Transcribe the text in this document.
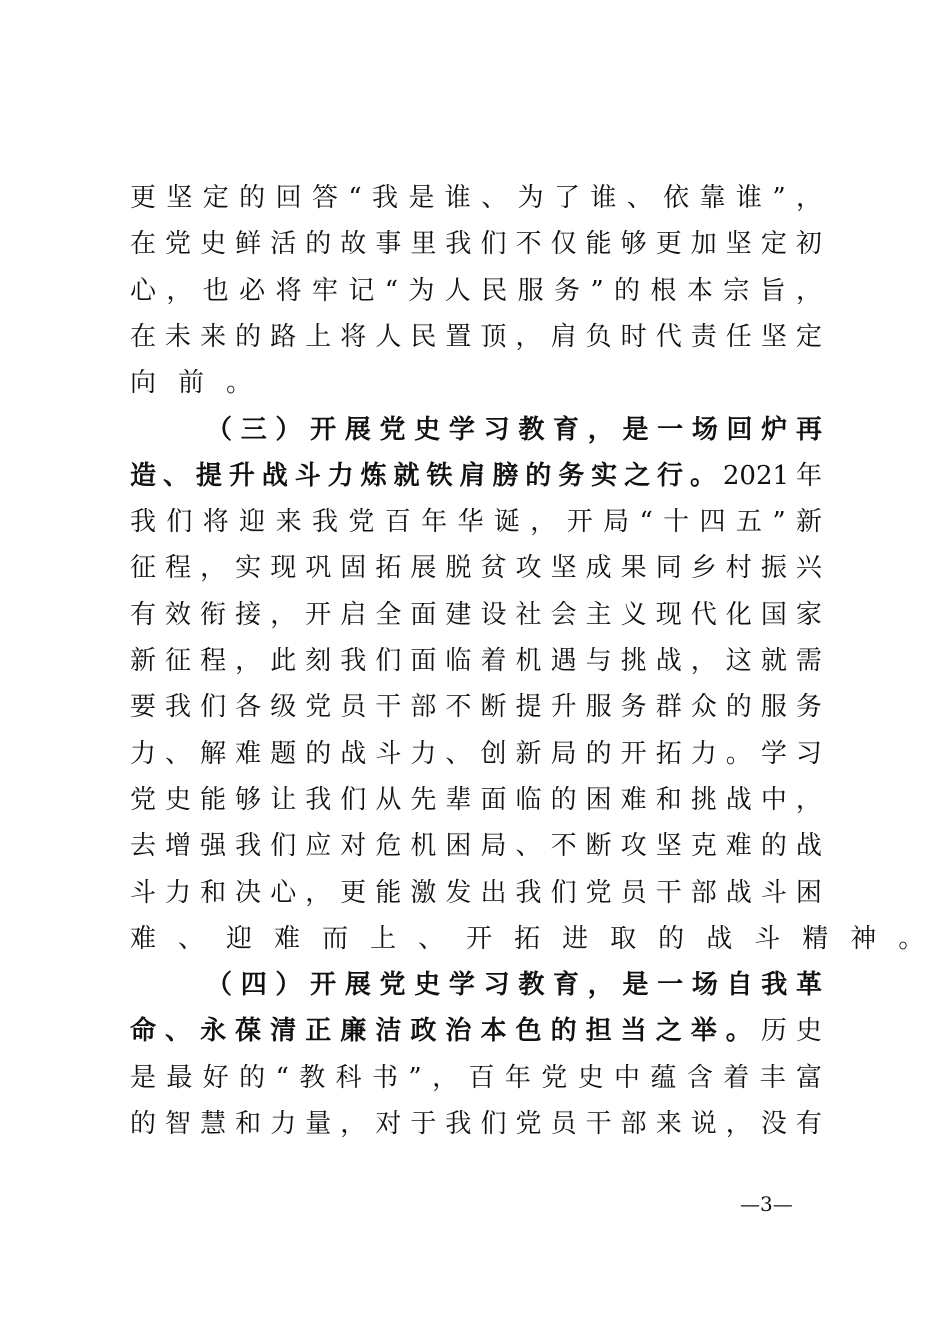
更 坚 定 的 回 答 “ 我 是 谁 、 为 了 谁 、 依 靠 谁 ” ，
在 党 史 鲜 活 的 故 事 里 我 们 不 仅 能 够 更 加 坚 定 初
心 ， 也 必 将 牢 记 “ 为 人 民 服 务 ” 的 根 本 宗 旨 ，
在 未 来 的 路 上 将 人 民 置 顶 ， 肩 负 时 代 责 任 坚 定
向 前 。
（ 三 ） 开 展 党 史 学 习 教 育 ， 是 一 场 回 炉 再
造 、 提 升 战 斗 力 炼 就 铁 肩 膀 的 务 实 之 行 。 2021 年
我 们 将 迎 来 我 党 百 年 华 诞 ， 开 局 “ 十 四 五 ” 新
征 程 ， 实 现 巩 固 拓 展 脱 贫 攻 坚 成 果 同 乡 村 振 兴
有 效 衔 接 ， 开 启 全 面 建 设 社 会 主 义 现 代 化 国 家
新 征 程 ， 此 刻 我 们 面 临 着 机 遇 与 挑 战 ， 这 就 需
要 我 们 各 级 党 员 干 部 不 断 提 升 服 务 群 众 的 服 务
力 、 解 难 题 的 战 斗 力 、 创 新 局 的 开 拓 力 。 学 习
党 史 能 够 让 我 们 从 先 辈 面 临 的 困 难 和 挑 战 中 ，
去 增 强 我 们 应 对 危 机 困 局 、 不 断 攻 坚 克 难 的 战
斗 力 和 决 心 ， 更 能 激 发 出 我 们 党 员 干 部 战 斗 困
难 、 迎 难 而 上 、 开 拓 进 取 的 战 斗 精 神 。
（ 四 ） 开 展 党 史 学 习 教 育 ， 是 一 场 自 我 革
命 、 永 葆 清 正 廉 洁 政 治 本 色 的 担 当 之 举 。 历 史
是 最 好 的 “ 教 科 书 ” ， 百 年 党 史 中 蕴 含 着 丰 富
的 智 慧 和 力 量 ， 对 于 我 们 党 员 干 部 来 说 ， 没 有
—3—
